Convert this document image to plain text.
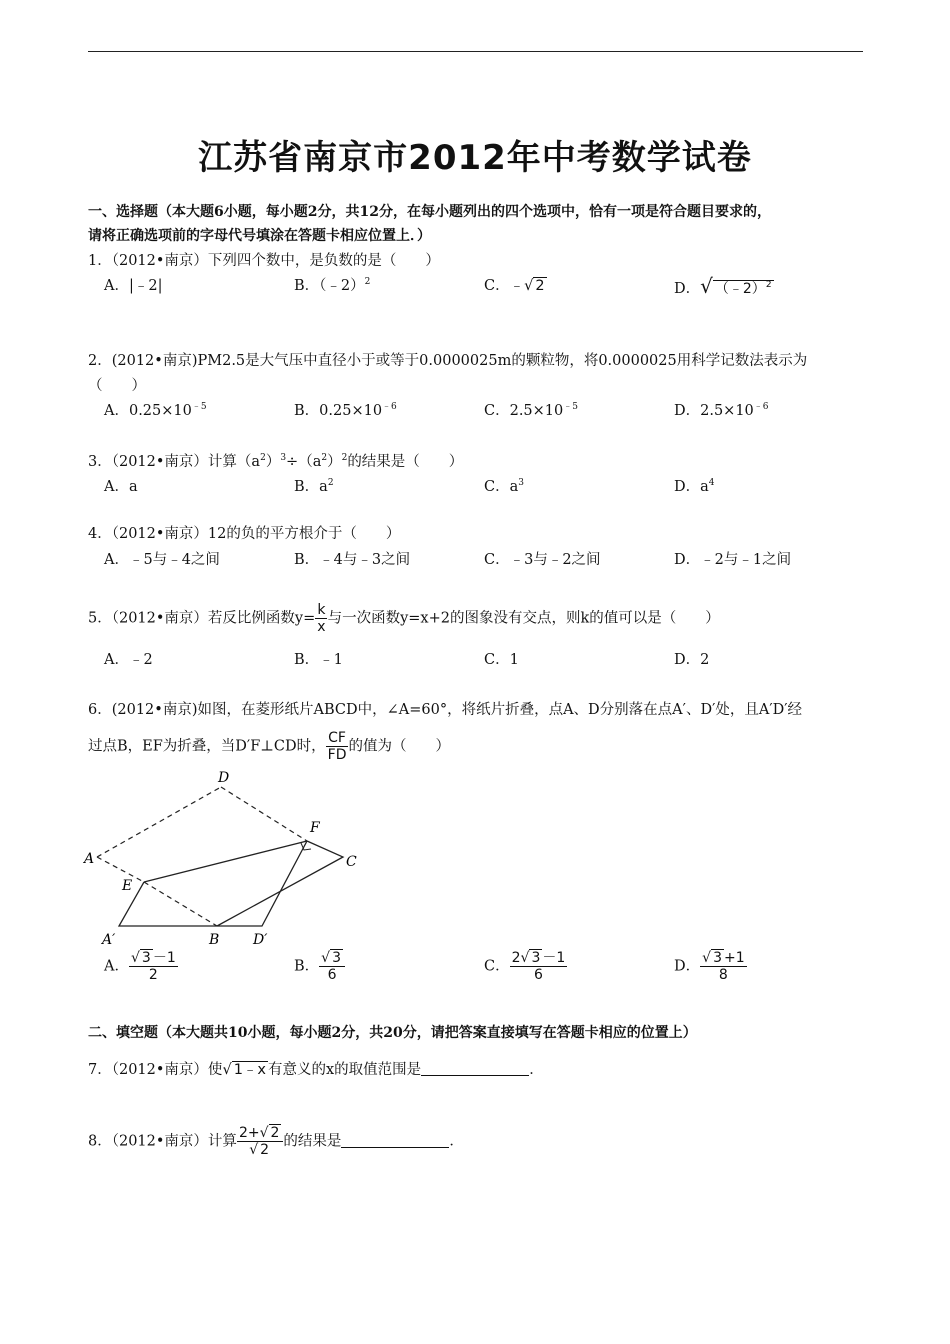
江苏省南京市2012年中考数学试卷
一、选择题（本大题6小题，每小题2分，共12分，在每小题列出的四个选项中，恰有一项是符合题目要求的，
请将正确选项前的字母代号填涂在答题卡相应位置上．）
1．（2012•南京）下列四个数中，是负数的是（　　）
A．|﹣2|	B．（﹣2）$^2$	C．﹣√ 2	D．√ （﹣2）$^2$
2．(2012•南京)PM2.5是大气压中直径小于或等于0.0000025m的颗粒物，将0.0000025用科学记数法表示为
（　　）
A．$0.25\times 10^{﹣5}$	B．$0.25\times 10^{﹣6}$	C．$2.5\times 10^{﹣5}$	D．$2.5\times 10^{﹣6}$
3．（2012•南京）计算$(a^2)^3\div(a^2)^2$的结果是（　　）
A．a	B．$a^2$	C．$a^3$	D．$a^4$
4．（2012•南京）12的负的平方根介于（　　）
A．﹣5与﹣4之间	B．﹣4与﹣3之间	C．﹣3与﹣2之间	D．﹣2与﹣1之间
5．（2012•南京）若反比例函数$y= \frac{k}{x}$ 与一次函数y=x+2的图象没有交点，则k的值可以是（　　）
A．﹣2	B．﹣1	C．1	D．2
6．(2012•南京)如图，在菱形纸片ABCD中，∠A=60°，将纸片折叠，点A、D分别落在点A′、D′处，且A′D′经
过点B，EF为折叠，当D′F⊥CD时， $\frac{CF}{FD}$ 的值为（　　）
D
F
A	C
E
A′	B D′
A． $\frac{√ 3 -1}{2}$	B． $\frac{√ 3}{6}$	C． $\frac{2√ 3 -1}{6}$	D． $\frac{√ 3 +1}{8}$
二、填空题（本大题共10小题，每小题2分，共20分，请把答案直接填写在答题卡相应的位置上）
7．（2012•南京）使√ 1﹣x 有意义的x的取值范围是	．
8．（2012•南京）计算 $\frac{2+√ 2}{√ 2}$ 的结果是	．
